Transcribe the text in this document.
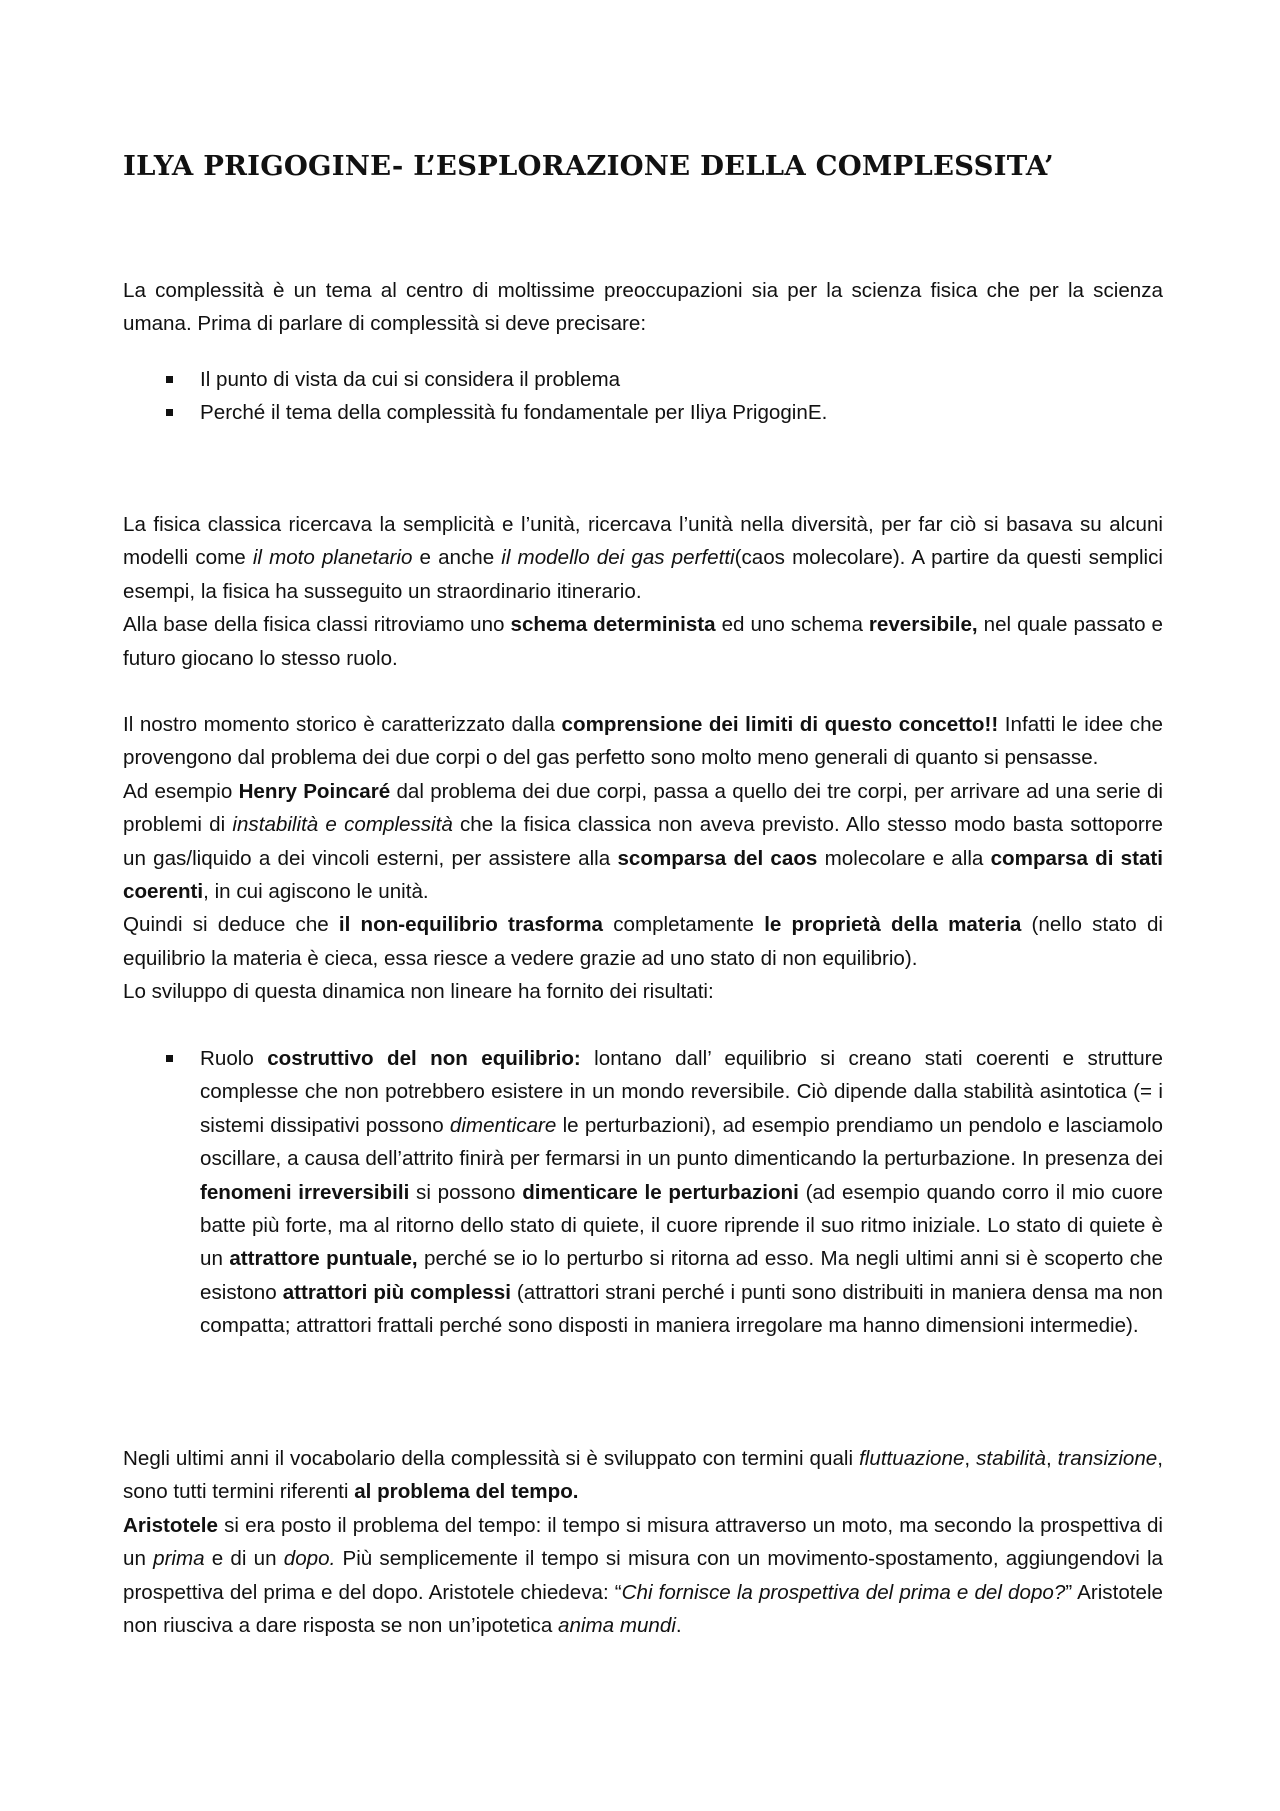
ILYA PRIGOGINE- L’ESPLORAZIONE DELLA COMPLESSITA’

La complessità è un tema al centro di moltissime preoccupazioni sia per la scienza fisica che per la scienza umana. Prima di parlare di complessità si deve precisare:

Il punto di vista da cui si considera il problema
Perché il tema della complessità fu fondamentale per Iliya PrigoginE.

La fisica classica ricercava la semplicità e l’unità, ricercava l’unità nella diversità, per far ciò si basava su alcuni modelli come il moto planetario e anche il modello dei gas perfetti(caos molecolare). A partire da questi semplici esempi, la fisica ha susseguito un straordinario itinerario.
Alla base della fisica classi ritroviamo uno schema determinista ed uno schema reversibile, nel quale passato e futuro giocano lo stesso ruolo.

Il nostro momento storico è caratterizzato dalla comprensione dei limiti di questo concetto!! Infatti le idee che provengono dal problema dei due corpi o del gas perfetto sono molto meno generali di quanto si pensasse.
Ad esempio Henry Poincaré dal problema dei due corpi, passa a quello dei tre corpi, per arrivare ad una serie di problemi di instabilità e complessità che la fisica classica non aveva previsto. Allo stesso modo basta sottoporre un gas/liquido a dei vincoli esterni, per assistere alla scomparsa del caos molecolare e alla comparsa di stati coerenti, in cui agiscono le unità.
Quindi si deduce che il non-equilibrio trasforma completamente le proprietà della materia (nello stato di equilibrio la materia è cieca, essa riesce a vedere grazie ad uno stato di non equilibrio).
Lo sviluppo di questa dinamica non lineare ha fornito dei risultati:

Ruolo costruttivo del non equilibrio: lontano dall’ equilibrio si creano stati coerenti e strutture complesse che non potrebbero esistere in un mondo reversibile. Ciò dipende dalla stabilità asintotica (= i sistemi dissipativi possono dimenticare le perturbazioni), ad esempio prendiamo un pendolo e lasciamolo oscillare, a causa dell’attrito finirà per fermarsi in un punto dimenticando la perturbazione. In presenza dei fenomeni irreversibili si possono dimenticare le perturbazioni (ad esempio quando corro il mio cuore batte più forte, ma al ritorno dello stato di quiete, il cuore riprende il suo ritmo iniziale. Lo stato di quiete è un attrattore puntuale, perché se io lo perturbo si ritorna ad esso. Ma negli ultimi anni si è scoperto che esistono attrattori più complessi (attrattori strani perché i punti sono distribuiti in maniera densa ma non compatta; attrattori frattali perché sono disposti in maniera irregolare ma hanno dimensioni intermedie).

Negli ultimi anni il vocabolario della complessità si è sviluppato con termini quali fluttuazione, stabilità, transizione, sono tutti termini riferenti al problema del tempo.
Aristotele si era posto il problema del tempo: il tempo si misura attraverso un moto, ma secondo la prospettiva di un prima e di un dopo. Più semplicemente il tempo si misura con un movimento-spostamento, aggiungendovi la prospettiva del prima e del dopo. Aristotele chiedeva: “Chi fornisce la prospettiva del prima e del dopo?” Aristotele non riusciva a dare risposta se non un’ipotetica anima mundi.
